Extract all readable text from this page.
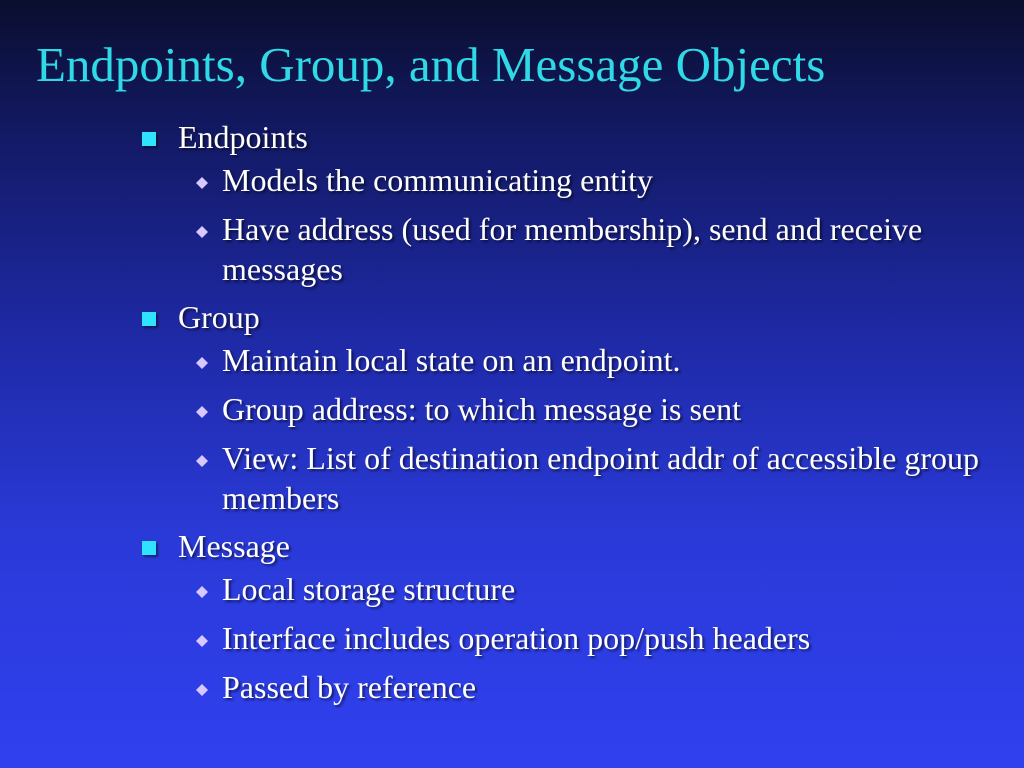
Endpoints, Group, and Message Objects
Endpoints
Models the communicating entity
Have address (used for membership), send and receive messages
Group
Maintain local state on an endpoint.
Group address: to which message is sent
View: List of destination endpoint addr of accessible group members
Message
Local storage structure
Interface includes operation pop/push headers
Passed by reference
